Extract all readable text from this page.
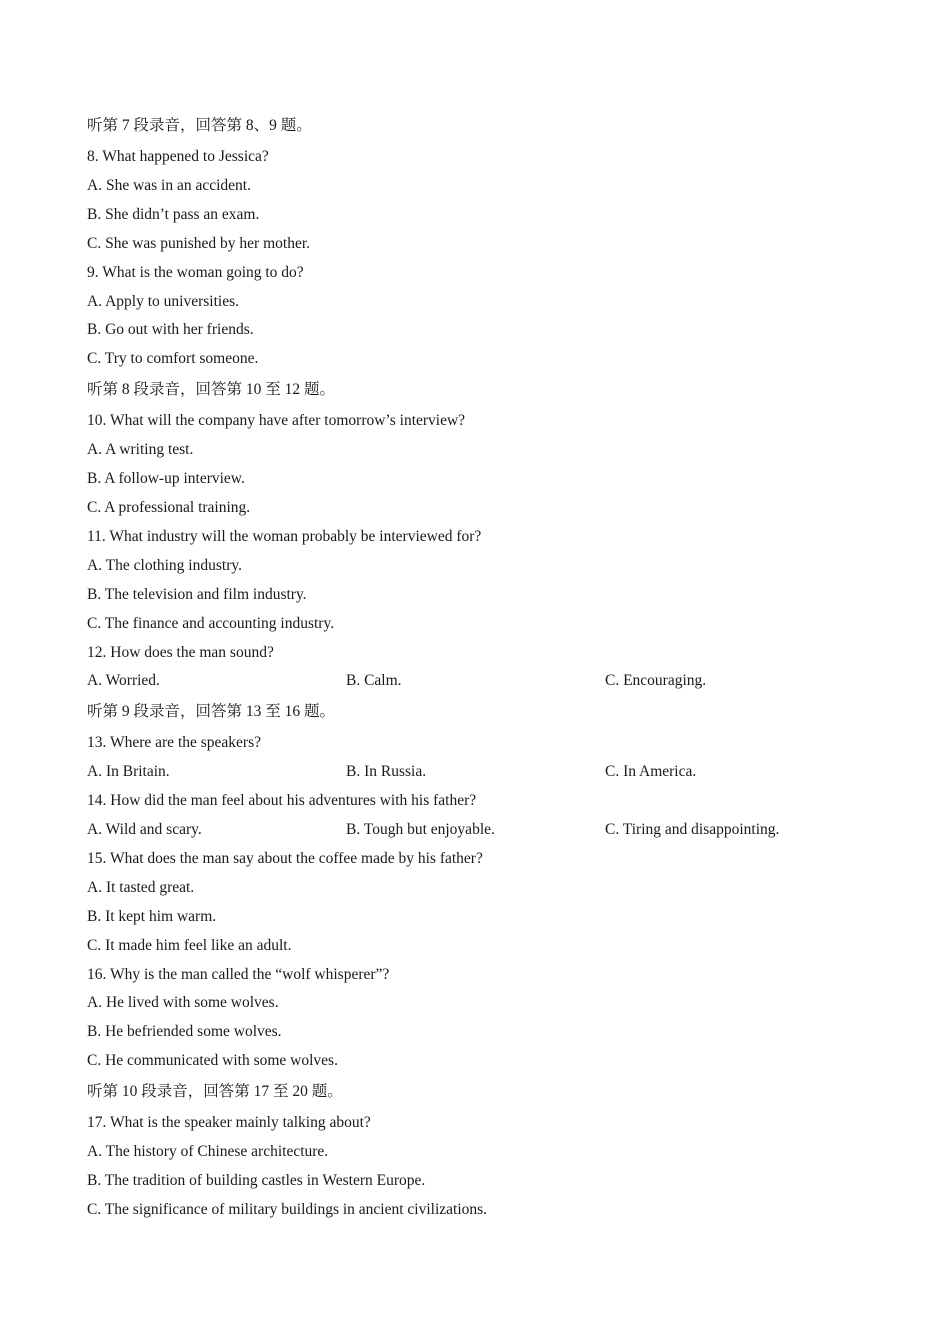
听第 7 段录音，回答第 8、9 题。
8. What happened to Jessica?
A. She was in an accident.
B. She didn’t pass an exam.
C. She was punished by her mother.
9. What is the woman going to do?
A. Apply to universities.
B. Go out with her friends.
C. Try to comfort someone.
听第 8 段录音，回答第 10 至 12 题。
10. What will the company have after tomorrow’s interview?
A. A writing test.
B. A follow-up interview.
C. A professional training.
11. What industry will the woman probably be interviewed for?
A. The clothing industry.
B. The television and film industry.
C. The finance and accounting industry.
12. How does the man sound?
A. Worried.	B. Calm.	C. Encouraging.
听第 9 段录音，回答第 13 至 16 题。
13. Where are the speakers?
A. In Britain.	B. In Russia.	C. In America.
14. How did the man feel about his adventures with his father?
A. Wild and scary.	B. Tough but enjoyable.	C. Tiring and disappointing.
15. What does the man say about the coffee made by his father?
A. It tasted great.
B. It kept him warm.
C. It made him feel like an adult.
16. Why is the man called the “wolf whisperer”?
A. He lived with some wolves.
B. He befriended some wolves.
C. He communicated with some wolves.
听第 10 段录音，回答第 17 至 20 题。
17. What is the speaker mainly talking about?
A. The history of Chinese architecture.
B. The tradition of building castles in Western Europe.
C. The significance of military buildings in ancient civilizations.
